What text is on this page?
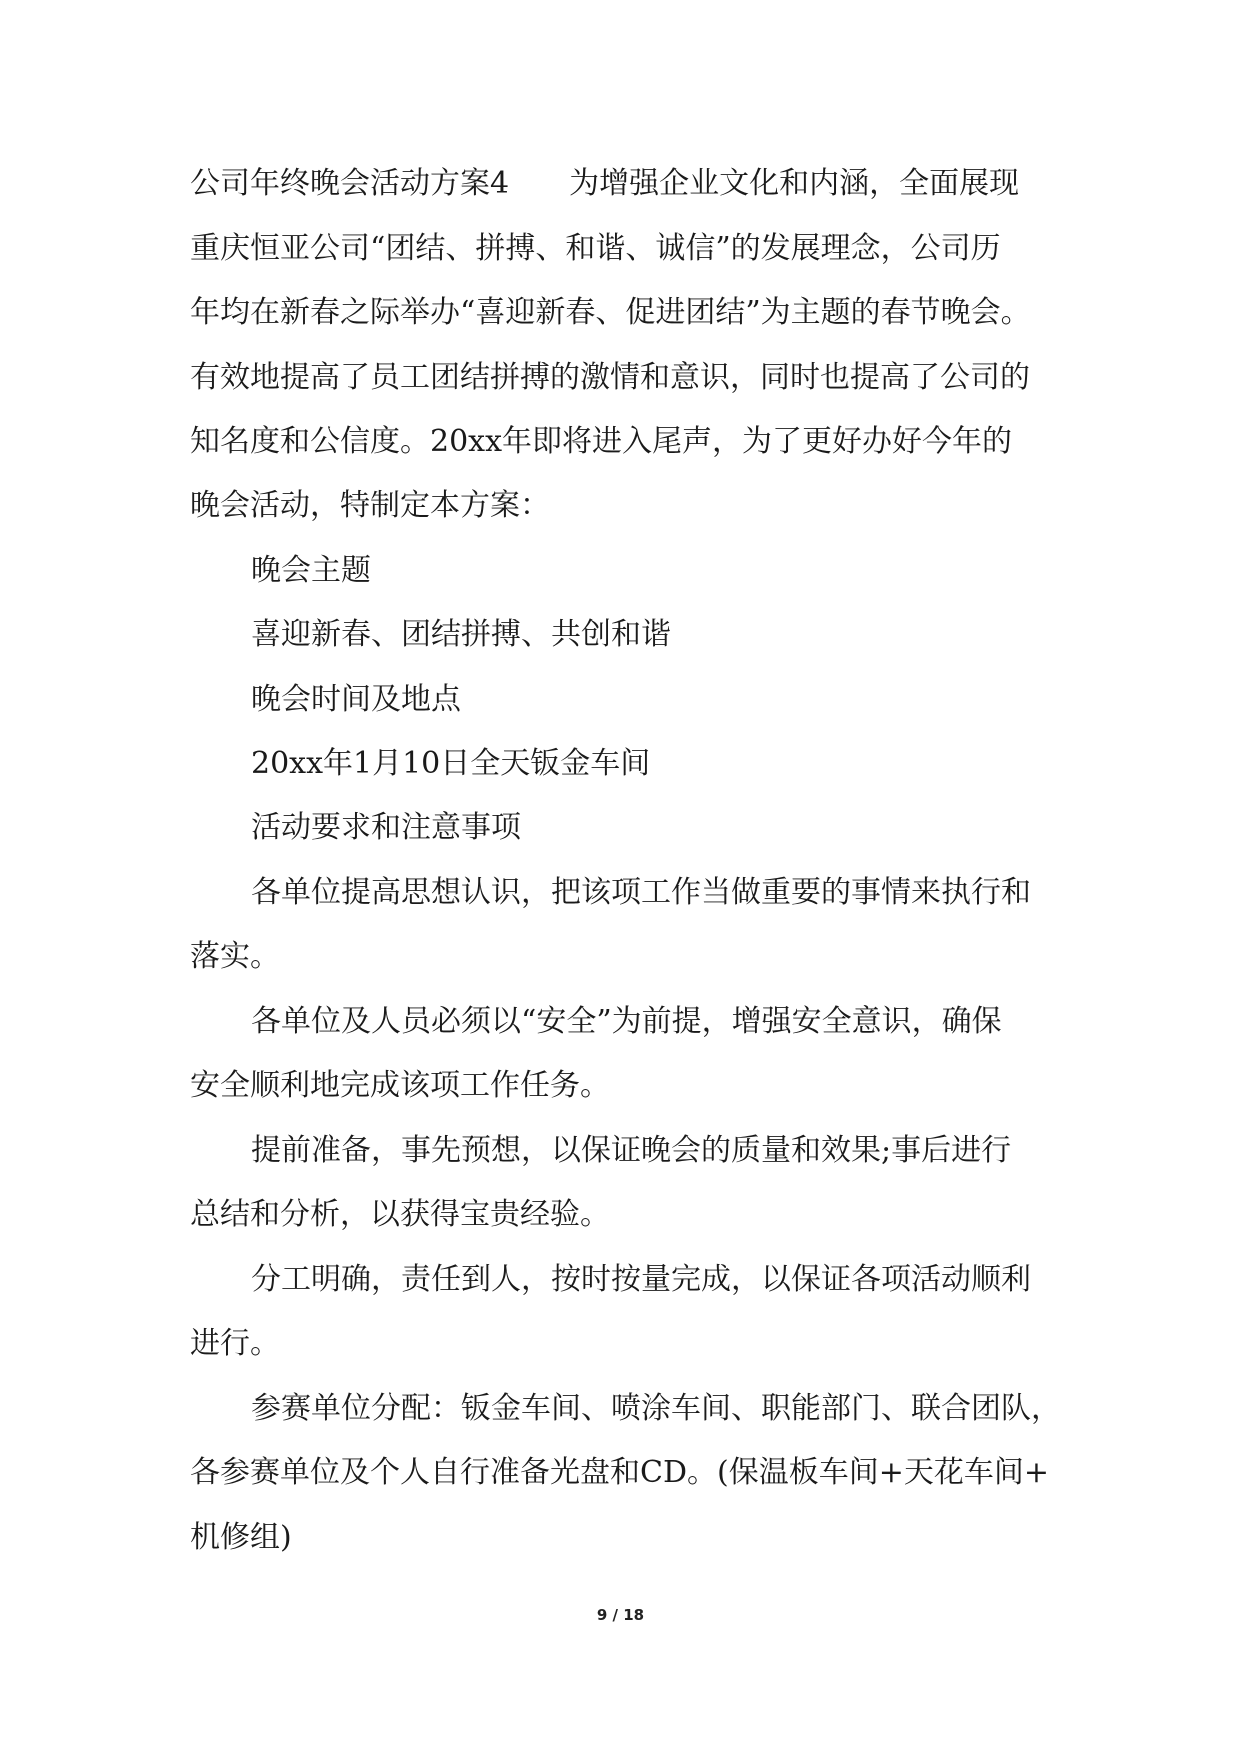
公司年终晚会活动方案4　　为增强企业文化和内涵，全面展现
重庆恒亚公司“团结、拼搏、和谐、诚信”的发展理念，公司历
年均在新春之际举办“喜迎新春、促进团结”为主题的春节晚会。
有效地提高了员工团结拼搏的激情和意识，同时也提高了公司的
知名度和公信度。20xx年即将进入尾声，为了更好办好今年的
晚会活动，特制定本方案：
晚会主题
喜迎新春、团结拼搏、共创和谐
晚会时间及地点
20xx年1月10日全天钣金车间
活动要求和注意事项
各单位提高思想认识，把该项工作当做重要的事情来执行和
落实。
各单位及人员必须以“安全”为前提，增强安全意识，确保
安全顺利地完成该项工作任务。
提前准备，事先预想，以保证晚会的质量和效果;事后进行
总结和分析，以获得宝贵经验。
分工明确，责任到人，按时按量完成，以保证各项活动顺利
进行。
参赛单位分配：钣金车间、喷涂车间、职能部门、联合团队，
各参赛单位及个人自行准备光盘和CD。(保温板车间+天花车间+
机修组)
9 / 18
